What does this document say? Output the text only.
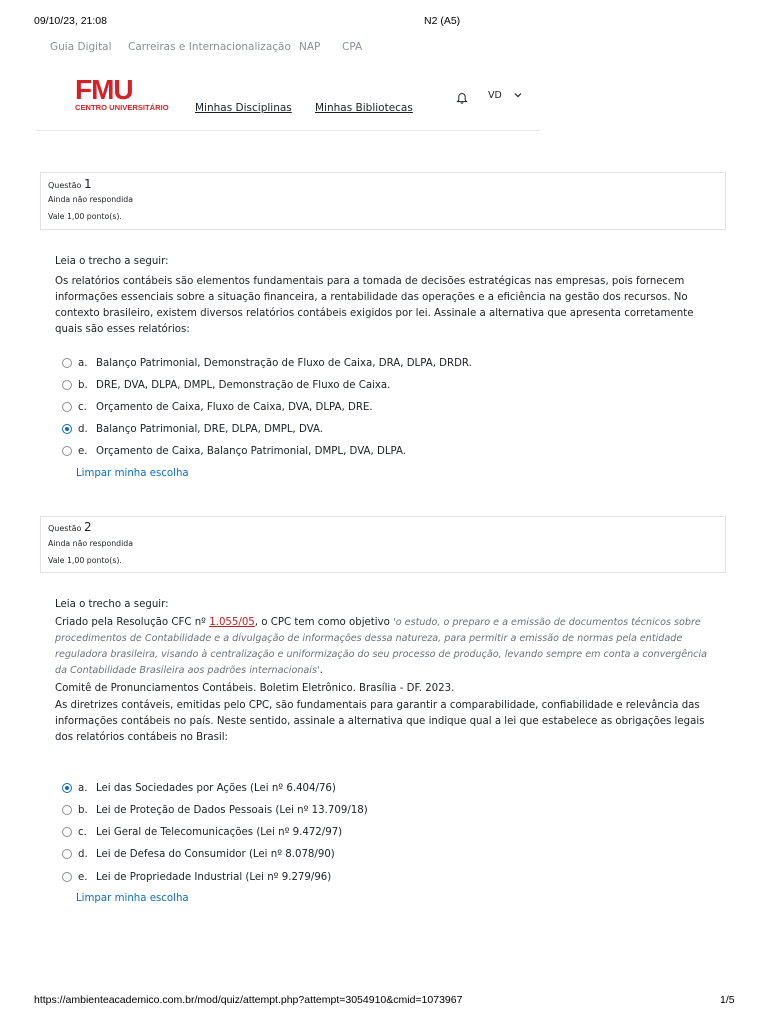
09/10/23, 21:08	N2 (A5)
Guia Digital Carreiras e Internacionalização NAP CPA
FMU
CENTRO UNIVERSITÁRIO	Minhas Disciplinas Minhas Bibliotecas
VD
Questão 1
Ainda não respondida
Vale 1,00 ponto(s).
Leia o trecho a seguir:
Os relatórios contábeis são elementos fundamentais para a tomada de decisões estratégicas nas empresas, pois fornecem informações essenciais sobre a situação financeira, a rentabilidade das operações e a eficiência na gestão dos recursos. No contexto brasileiro, existem diversos relatórios contábeis exigidos por lei. Assinale a alternativa que apresenta corretamente quais são esses relatórios:
a. Balanço Patrimonial, Demonstração de Fluxo de Caixa, DRA, DLPA, DRDR.
b. DRE, DVA, DLPA, DMPL, Demonstração de Fluxo de Caixa.
c. Orçamento de Caixa, Fluxo de Caixa, DVA, DLPA, DRE.
d. Balanço Patrimonial, DRE, DLPA, DMPL, DVA.
e. Orçamento de Caixa, Balanço Patrimonial, DMPL, DVA, DLPA.
Limpar minha escolha
Questão 2
Ainda não respondida
Vale 1,00 ponto(s).
Leia o trecho a seguir:
Criado pela Resolução CFC nº 1.055/05, o CPC tem como objetivo 'o estudo, o preparo e a emissão de documentos técnicos sobre procedimentos de Contabilidade e a divulgação de informações dessa natureza, para permitir a emissão de normas pela entidade reguladora brasileira, visando à centralização e uniformização do seu processo de produção, levando sempre em conta a convergência da Contabilidade Brasileira aos padrões internacionais'.
Comitê de Pronunciamentos Contábeis. Boletim Eletrônico. Brasília - DF. 2023.
As diretrizes contáveis, emitidas pelo CPC, são fundamentais para garantir a comparabilidade, confiabilidade e relevância das informações contábeis no país. Neste sentido, assinale a alternativa que indique qual a lei que estabelece as obrigações legais dos relatórios contábeis no Brasil:
a. Lei das Sociedades por Ações (Lei nº 6.404/76)
b. Lei de Proteção de Dados Pessoais (Lei nº 13.709/18)
c. Lei Geral de Telecomunicações (Lei nº 9.472/97)
d. Lei de Defesa do Consumidor (Lei nº 8.078/90)
e. Lei de Propriedade Industrial (Lei nº 9.279/96)
Limpar minha escolha
https://ambienteacademico.com.br/mod/quiz/attempt.php?attempt=3054910&cmid=1073967	1/5
